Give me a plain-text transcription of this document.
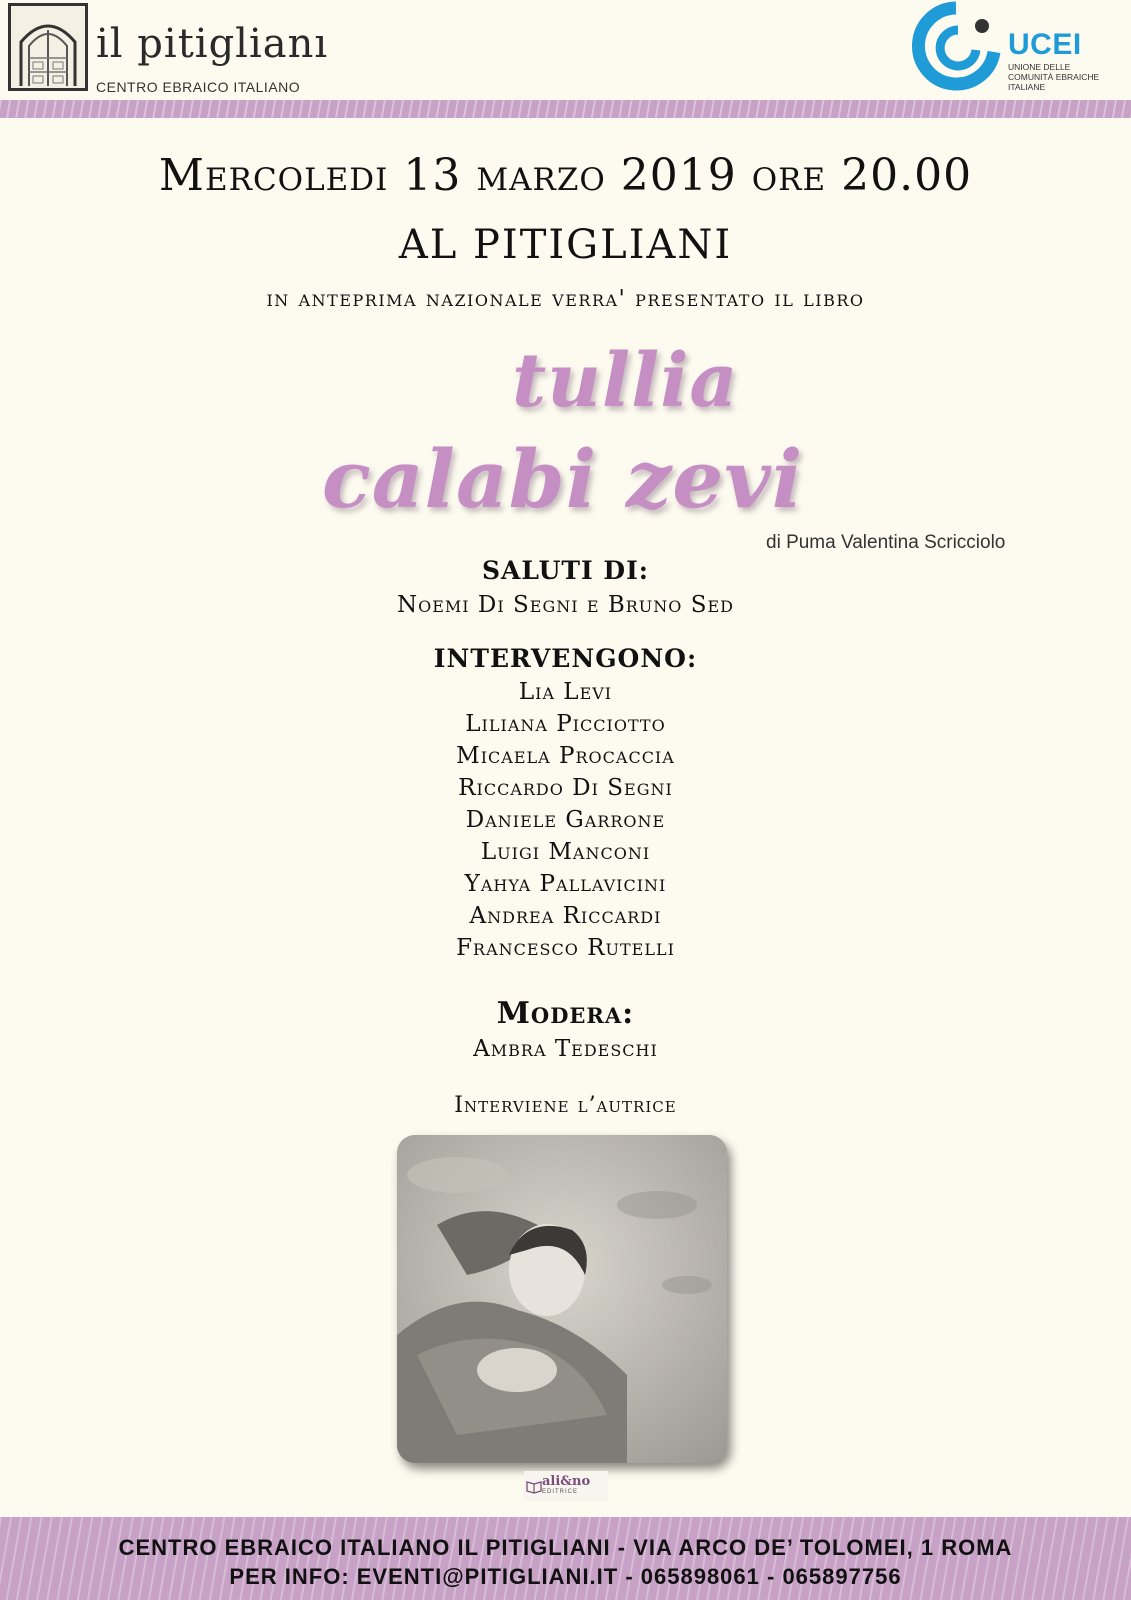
il pitiglianı
CENTRO EBRAICO ITALIANO
UCEI
UNIONE DELLE
COMUNITÀ EBRAICHE
ITALIANE
Mercoledi 13 marzo 2019 ore 20.00
AL PITIGLIANI
in anteprima nazionale verra' presentato il libro
tullia
calabi zevi
di Puma Valentina Scricciolo
SALUTI DI:
Noemi Di Segni e Bruno Sed
INTERVENGONO:
Lia Levi
Liliana Picciotto
Micaela Procaccia
Riccardo Di Segni
Daniele Garrone
Luigi Manconi
Yahya Pallavicini
Andrea Riccardi
Francesco Rutelli
Modera:
Ambra Tedeschi
Interviene l’autrice
ali&no
EDITRICE
CENTRO EBRAICO ITALIANO IL PITIGLIANI - VIA ARCO DE’ TOLOMEI, 1 ROMA
PER INFO: EVENTI@PITIGLIANI.IT - 065898061 - 065897756
